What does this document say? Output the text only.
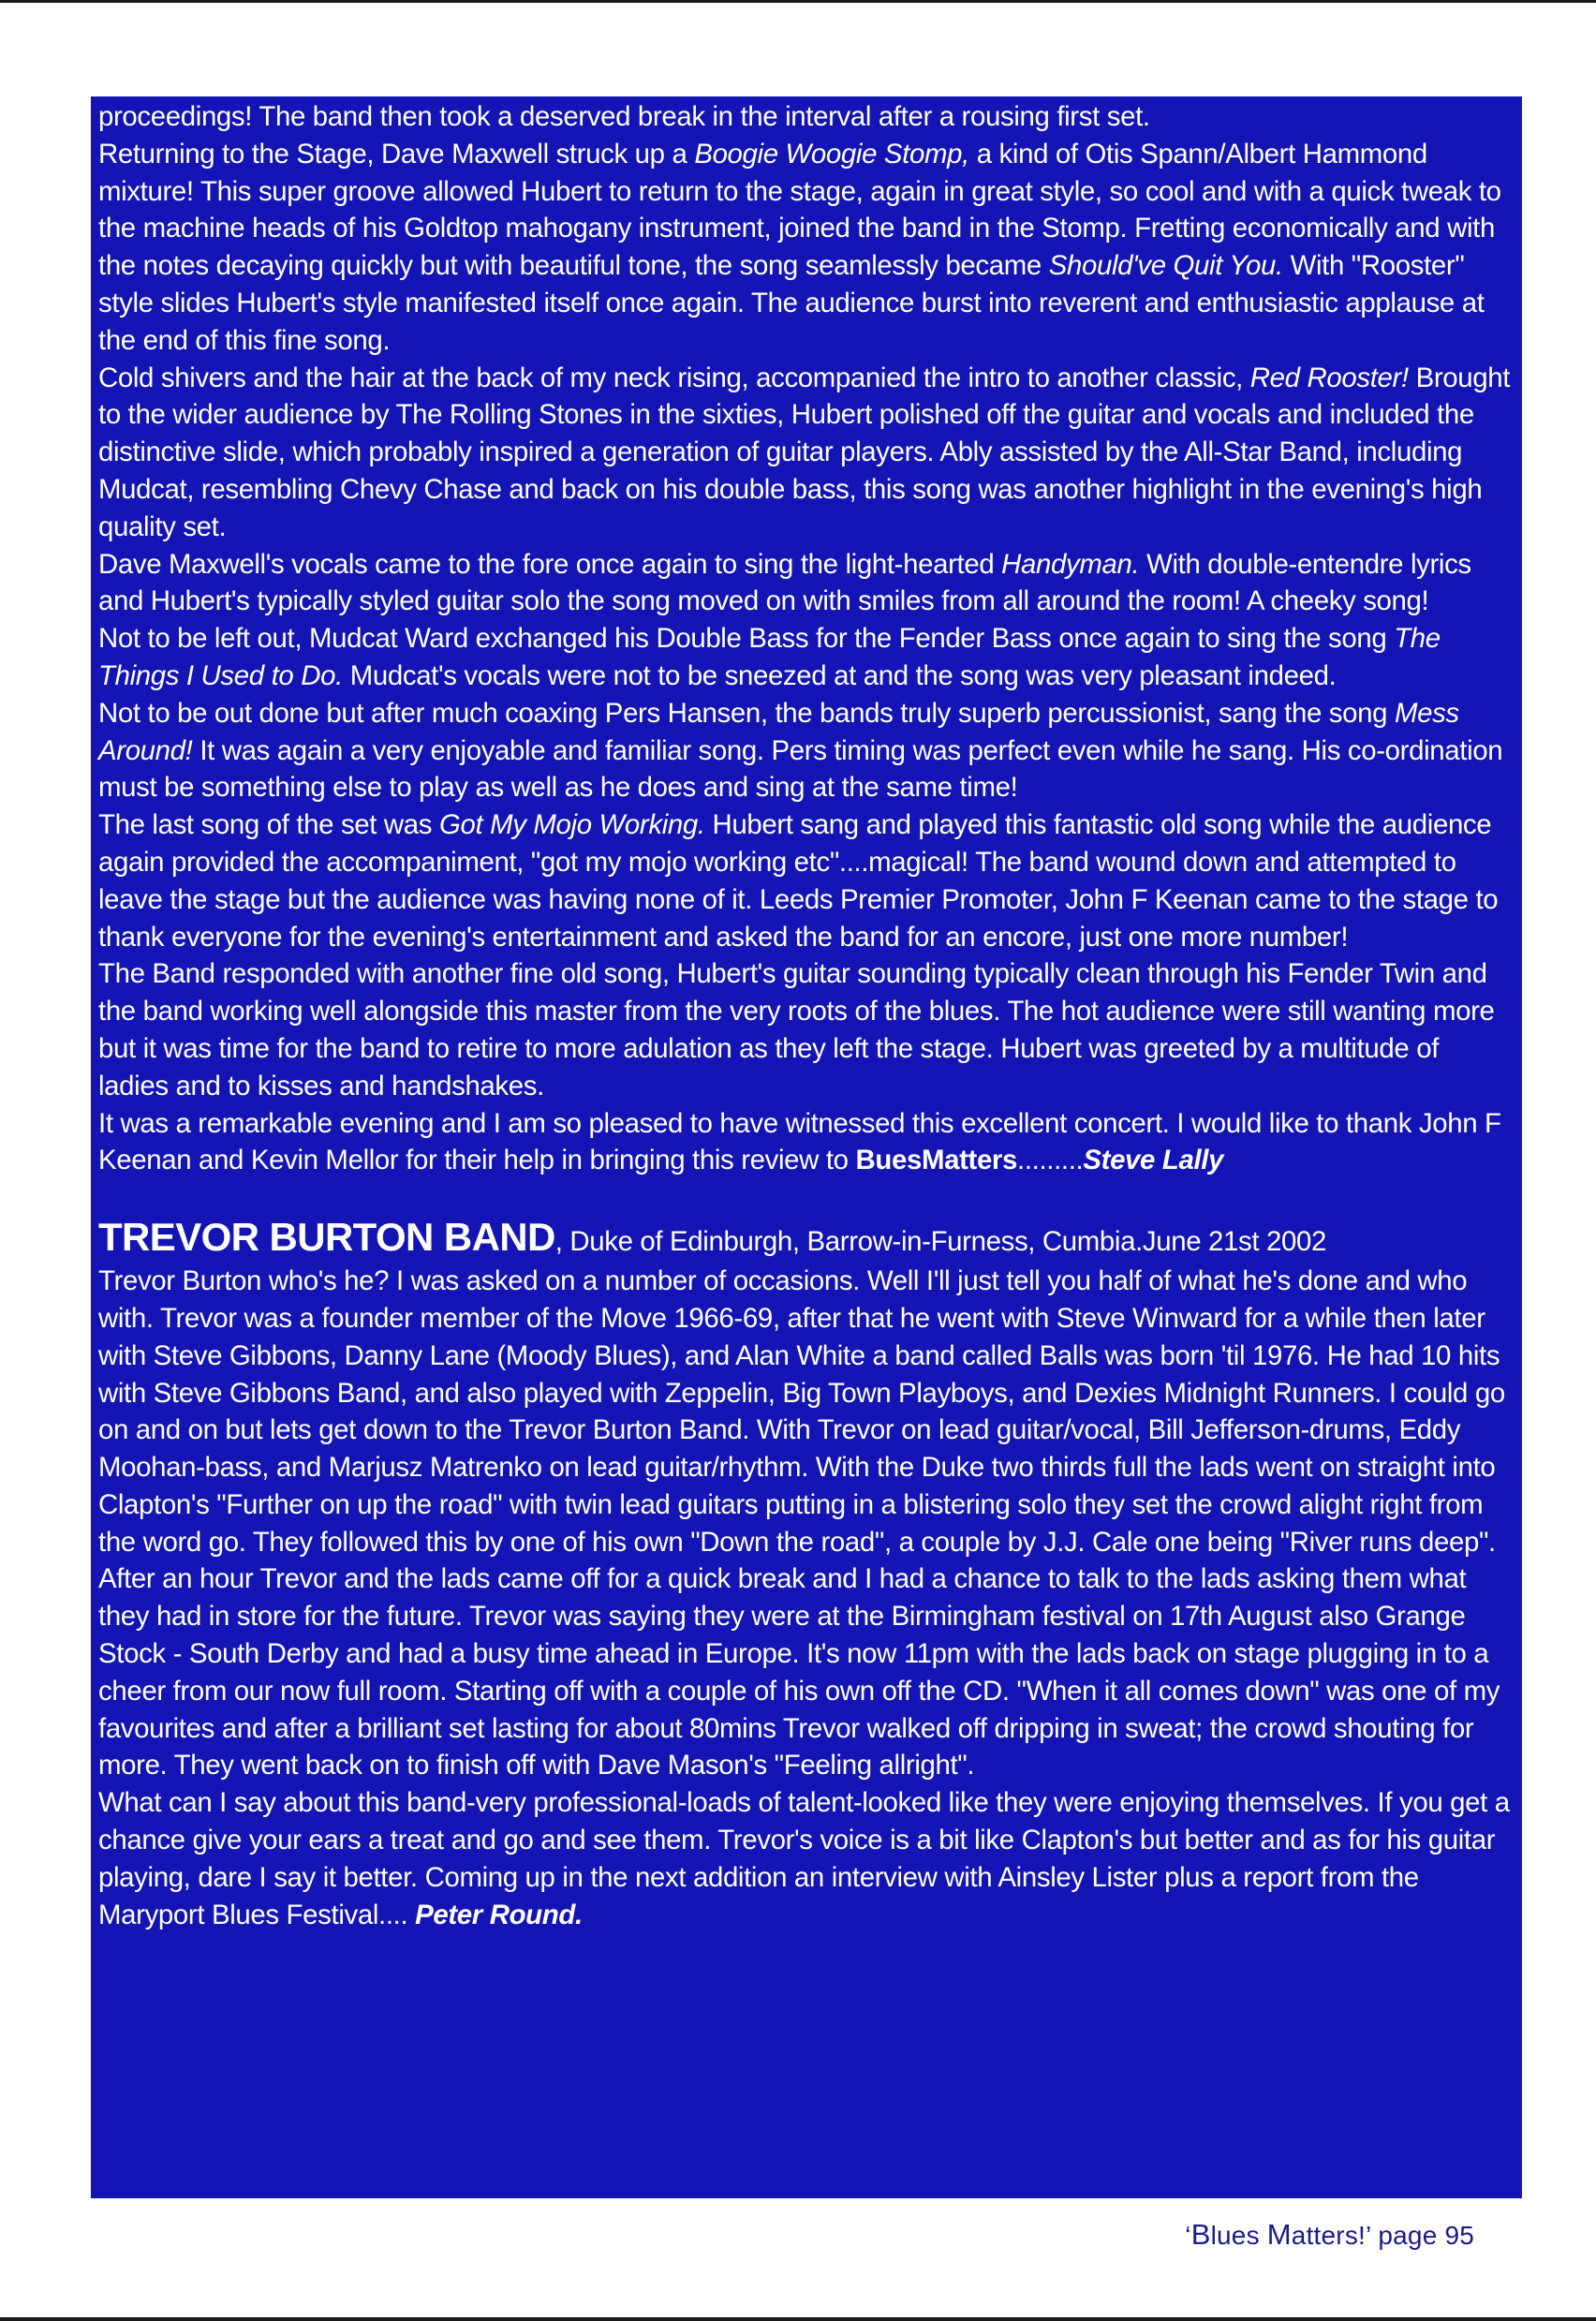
proceedings! The band then took a deserved break in the interval after a rousing first set.

Returning to the Stage, Dave Maxwell struck up a Boogie Woogie Stomp, a kind of Otis Spann/Albert Hammond mixture! This super groove allowed Hubert to return to the stage, again in great style, so cool and with a quick tweak to the machine heads of his Goldtop mahogany instrument, joined the band in the Stomp. Fretting economically and with the notes decaying quickly but with beautiful tone, the song seamlessly became Should've Quit You. With "Rooster" style slides Hubert's style manifested itself once again. The audience burst into reverent and enthusiastic applause at the end of this fine song.

Cold shivers and the hair at the back of my neck rising, accompanied the intro to another classic, Red Rooster! Brought to the wider audience by The Rolling Stones in the sixties, Hubert polished off the guitar and vocals and included the distinctive slide, which probably inspired a generation of guitar players. Ably assisted by the All-Star Band, including Mudcat, resembling Chevy Chase and back on his double bass, this song was another highlight in the evening's high quality set.

Dave Maxwell's vocals came to the fore once again to sing the light-hearted Handyman. With double-entendre lyrics and Hubert's typically styled guitar solo the song moved on with smiles from all around the room! A cheeky song!

Not to be left out, Mudcat Ward exchanged his Double Bass for the Fender Bass once again to sing the song The Things I Used to Do. Mudcat's vocals were not to be sneezed at and the song was very pleasant indeed.

Not to be out done but after much coaxing Pers Hansen, the bands truly superb percussionist, sang the song Mess Around! It was again a very enjoyable and familiar song. Pers timing was perfect even while he sang. His co-ordination must be something else to play as well as he does and sing at the same time!

The last song of the set was Got My Mojo Working. Hubert sang and played this fantastic old song while the audience again provided the accompaniment, "got my mojo working etc"....magical! The band wound down and attempted to leave the stage but the audience was having none of it. Leeds Premier Promoter, John F Keenan came to the stage to thank everyone for the evening's entertainment and asked the band for an encore, just one more number!

The Band responded with another fine old song, Hubert's guitar sounding typically clean through his Fender Twin and the band working well alongside this master from the very roots of the blues. The hot audience were still wanting more but it was time for the band to retire to more adulation as they left the stage. Hubert was greeted by a multitude of ladies and to kisses and handshakes.

It was a remarkable evening and I am so pleased to have witnessed this excellent concert. I would like to thank John F Keenan and Kevin Mellor for their help in bringing this review to BuesMatters.........Steve Lally

TREVOR BURTON BAND, Duke of Edinburgh, Barrow-in-Furness, Cumbia.June 21st 2002

Trevor Burton who's he? I was asked on a number of occasions. Well I'll just tell you half of what he's done and who with. Trevor was a founder member of the Move 1966-69, after that he went with Steve Winward for a while then later with Steve Gibbons, Danny Lane (Moody Blues), and Alan White a band called Balls was born 'til 1976. He had 10 hits with Steve Gibbons Band, and also played with Zeppelin, Big Town Playboys, and Dexies Midnight Runners. I could go on and on but lets get down to the Trevor Burton Band. With Trevor on lead guitar/vocal, Bill Jefferson-drums, Eddy Moohan-bass, and Marjusz Matrenko on lead guitar/rhythm. With the Duke two thirds full the lads went on straight into Clapton's "Further on up the road" with twin lead guitars putting in a blistering solo they set the crowd alight right from the word go. They followed this by one of his own "Down the road", a couple by J.J. Cale one being "River runs deep".

After an hour Trevor and the lads came off for a quick break and I had a chance to talk to the lads asking them what they had in store for the future. Trevor was saying they were at the Birmingham festival on 17th August also Grange Stock - South Derby and had a busy time ahead in Europe. It's now 11pm with the lads back on stage plugging in to a cheer from our now full room. Starting off with a couple of his own off the CD. "When it all comes down" was one of my favourites and after a brilliant set lasting for about 80mins Trevor walked off dripping in sweat; the crowd shouting for more. They went back on to finish off with Dave Mason's "Feeling allright".

What can I say about this band-very professional-loads of talent-looked like they were enjoying themselves. If you get a chance give your ears a treat and go and see them. Trevor's voice is a bit like Clapton's but better and as for his guitar playing, dare I say it better. Coming up in the next addition an interview with Ainsley Lister plus a report from the Maryport Blues Festival.... Peter Round.

‘Blues Matters!’ page 95
